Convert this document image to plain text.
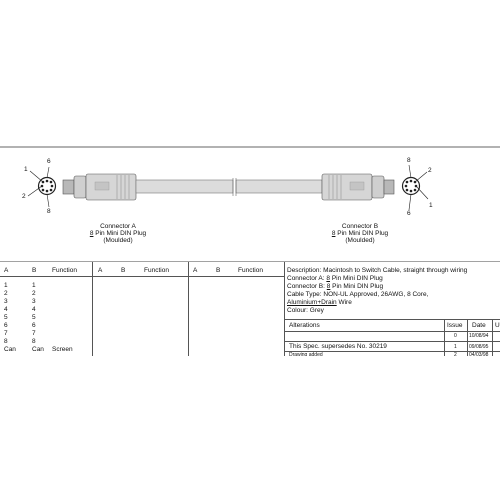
1
6
2
8
8
2
6
1
Connector A
8 Pin Mini DIN Plug
(Moulded)
Connector B
8 Pin Mini DIN Plug
(Moulded)
A	B Function	A	B	Function	A	B	Function
1	1
2	2
3	3
4	4
5	5
6	6
7	7
8	8
Can Can Screen
Description: Macintosh to Switch Cable, straight through wiring
Connector A: 8 Pin Mini DIN Plug
Connector B: 8 Pin Mini DIN Plug
Cable Type: NON-UL Approved, 26AWG, 8 Core,
Aluminium+Drain Wire
Colour: Grey
Alterations	Issue Date U
0 10/08/94
This Spec. supersedes No. 30219	1 09/08/95
Drawing added	2 04/03/98
